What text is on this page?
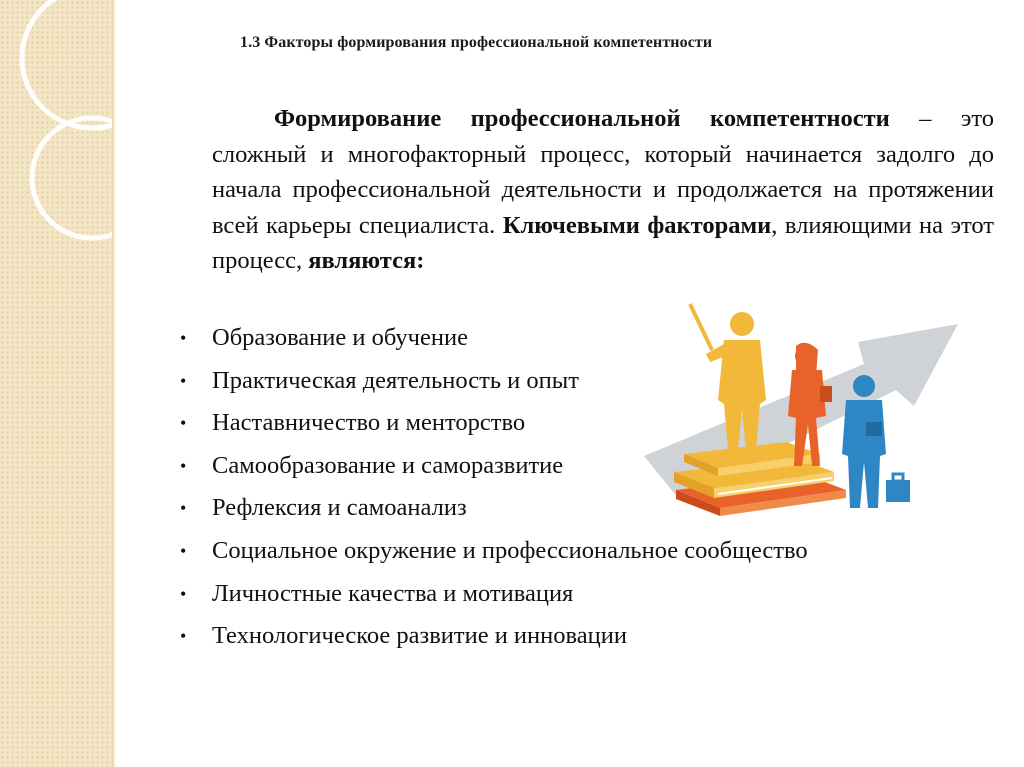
1.3 Факторы формирования профессиональной компетентности

Формирование профессиональной компетентности – это сложный и многофакторный процесс, который начинается задолго до начала профессиональной деятельности и продолжается на протяжении всей карьеры специалиста. Ключевыми факторами, влияющими на этот процесс, являются:

•	Образование и обучение
•	Практическая деятельность и опыт
•	Наставничество и менторство
•	Самообразование и саморазвитие
•	Рефлексия и самоанализ
•	Социальное окружение и профессиональное сообщество
•	Личностные качества и мотивация
•	Технологическое развитие и инновации
